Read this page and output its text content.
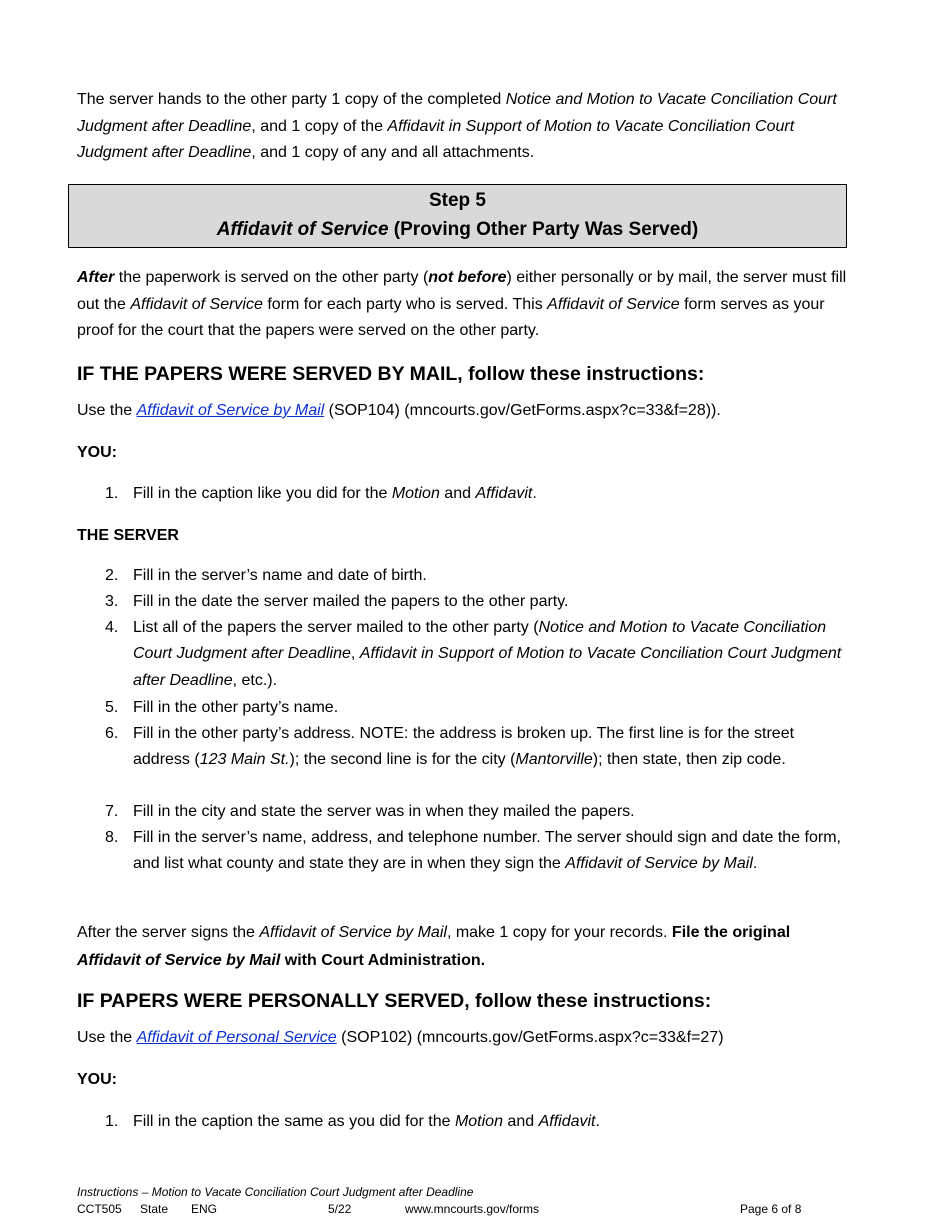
The server hands to the other party 1 copy of the completed Notice and Motion to Vacate Conciliation Court Judgment after Deadline, and 1 copy of the Affidavit in Support of Motion to Vacate Conciliation Court Judgment after Deadline, and 1 copy of any and all attachments.
Step 5
Affidavit of Service (Proving Other Party Was Served)
After the paperwork is served on the other party (not before) either personally or by mail, the server must fill out the Affidavit of Service form for each party who is served. This Affidavit of Service form serves as your proof for the court that the papers were served on the other party.
IF THE PAPERS WERE SERVED BY MAIL, follow these instructions:
Use the Affidavit of Service by Mail (SOP104) (mncourts.gov/GetForms.aspx?c=33&f=28)).
YOU:
1. Fill in the caption like you did for the Motion and Affidavit.
THE SERVER
2. Fill in the server’s name and date of birth.
3. Fill in the date the server mailed the papers to the other party.
4. List all of the papers the server mailed to the other party (Notice and Motion to Vacate Conciliation Court Judgment after Deadline, Affidavit in Support of Motion to Vacate Conciliation Court Judgment after Deadline, etc.).
5. Fill in the other party’s name.
6. Fill in the other party’s address. NOTE: the address is broken up. The first line is for the street address (123 Main St.); the second line is for the city (Mantorville); then state, then zip code.
7. Fill in the city and state the server was in when they mailed the papers.
8. Fill in the server’s name, address, and telephone number. The server should sign and date the form, and list what county and state they are in when they sign the Affidavit of Service by Mail.
After the server signs the Affidavit of Service by Mail, make 1 copy for your records. File the original Affidavit of Service by Mail with Court Administration.
IF PAPERS WERE PERSONALLY SERVED, follow these instructions:
Use the Affidavit of Personal Service (SOP102) (mncourts.gov/GetForms.aspx?c=33&f=27)
YOU:
1. Fill in the caption the same as you did for the Motion and Affidavit.
Instructions – Motion to Vacate Conciliation Court Judgment after Deadline
CCT505 State ENG	5/22	www.mncourts.gov/forms	Page 6 of 8
